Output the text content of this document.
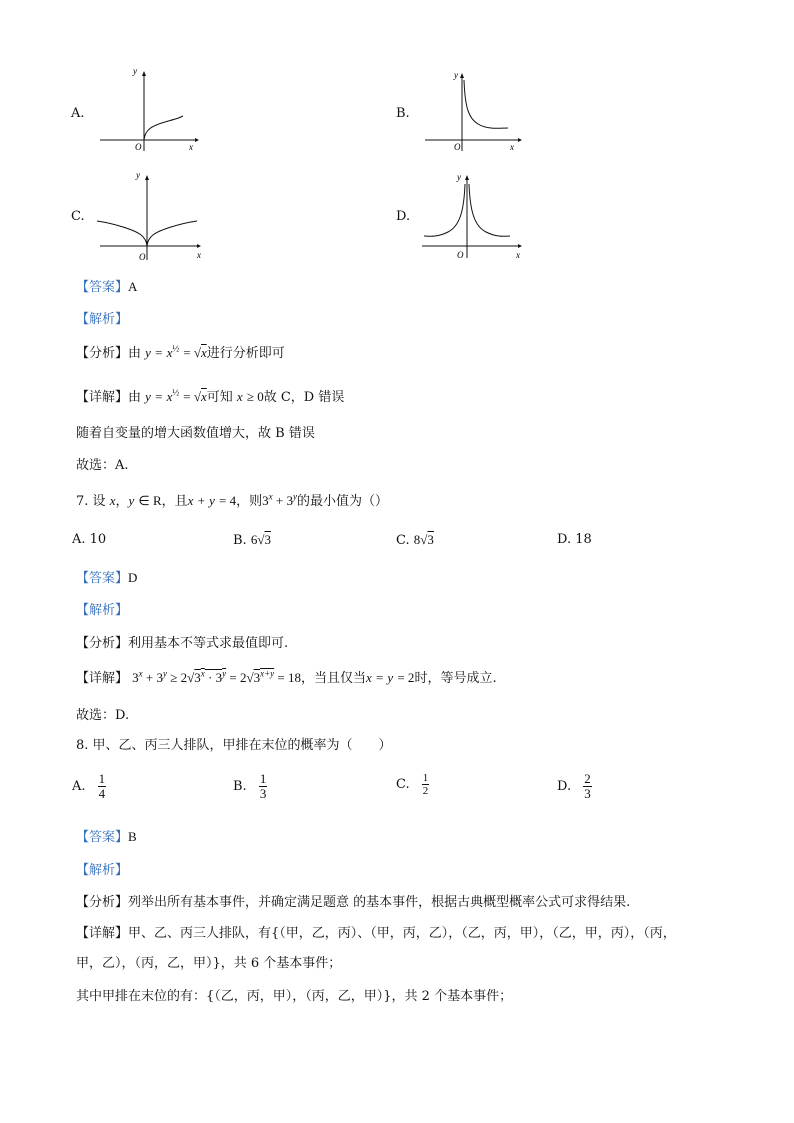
A.	B.
C.	D.
y
O	x
y
O	x
y
O	x
y
O	x
【答案】A
【解析】
【分析】由 $y = x^{\frac{1}{2}} = √x$进行分析即可
【详解】由 $y = x^{\frac{1}{2}} = √x$可知 x ≥ 0故 C，D 错误
随着自变量的增大函数值增大，故 B 错误
故选：A.
7. 设 x，y ∈ R，且x + y = 4，则$3^x + 3^y$的最小值为（）
A. 10	B. 6√3	C. 8√3	D. 18
【答案】D
【解析】
【分析】利用基本不等式求最值即可.
【详解】 $3^x + 3^y \ge 2√3^x \cdot 3^y = 2√3^{x+y} = 18$，当且仅当x = y = 2时，等号成立.
故选：D.
8. 甲、乙、丙三人排队，甲排在末位的概率为（　　）
A. $\frac{1}{4}$	B. $\frac{1}{3}$	C. $\frac{1}{2}$	D. $\frac{2}{3}$
【答案】B
【解析】
【分析】列举出所有基本事件，并确定满足题意 的基本事件，根据古典概型概率公式可求得结果.
【详解】甲、乙、丙三人排队，有{（甲，乙，丙）、（甲，丙，乙），（乙，丙，甲），（乙，甲，丙），（丙，
甲，乙），（丙，乙，甲）}，共 6 个基本事件；
其中甲排在末位的有：{（乙，丙，甲），（丙，乙，甲）}，共 2 个基本事件；
